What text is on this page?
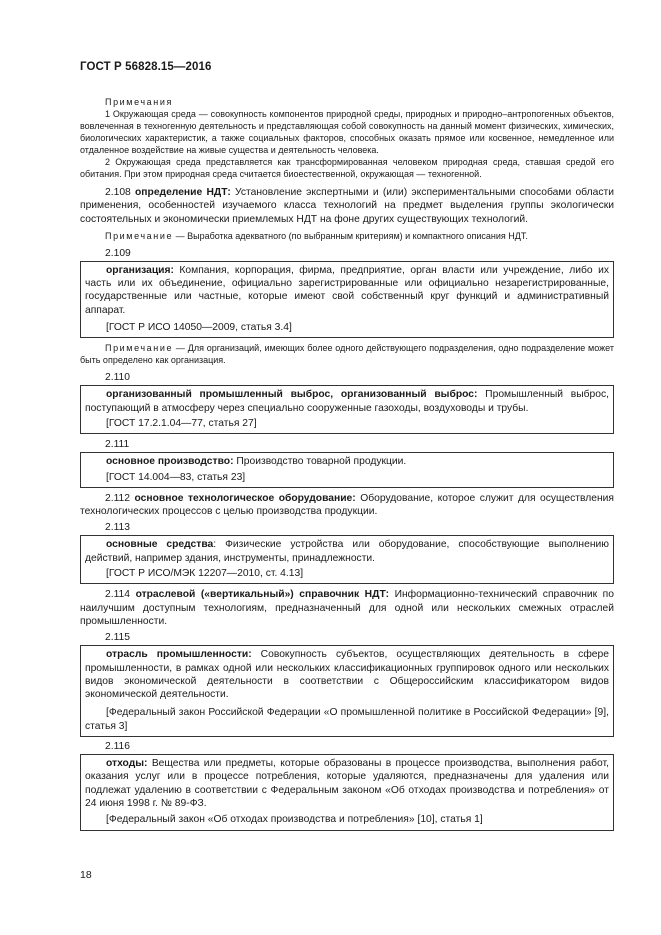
ГОСТ Р 56828.15—2016

Примечания

1 Окружающая среда — совокупность компонентов природной среды, природных и природно–антропогенных объектов, вовлеченная в техногенную деятельность и представляющая собой совокупность на данный момент физических, химических, биологических характеристик, а также социальных факторов, способных оказать прямое или косвенное, немедленное или отдаленное воздействие на живые существа и деятельность человека.

2 Окружающая среда представляется как трансформированная человеком природная среда, ставшая средой его обитания. При этом природная среда считается биоестественной, окружающая — техногенной.

2.108 определение НДТ: Установление экспертными и (или) экспериментальными способами области применения, особенностей изучаемого класса технологий на предмет выделения группы экологически состоятельных и экономически приемлемых НДТ на фоне других существующих технологий.

Примечание — Выработка адекватного (по выбранным критериям) и компактного описания НДТ.

2.109

организация: Компания, корпорация, фирма, предприятие, орган власти или учреждение, либо их часть или их объединение, официально зарегистрированные или официально незарегистрированные, государственные или частные, которые имеют свой собственный круг функций и административный аппарат.

[ГОСТ Р ИСО 14050—2009, статья 3.4]

Примечание — Для организаций, имеющих более одного действующего подразделения, одно подразделение может быть определено как организация.

2.110

организованный промышленный выброс, организованный выброс: Промышленный выброс, поступающий в атмосферу через специально сооруженные газоходы, воздуховоды и трубы.

[ГОСТ 17.2.1.04—77, статья 27]

2.111

основное производство: Производство товарной продукции.

[ГОСТ 14.004—83, статья 23]

2.112 основное технологическое оборудование: Оборудование, которое служит для осуществления технологических процессов с целью производства продукции.

2.113

основные средства: Физические устройства или оборудование, способствующие выполнению действий, например здания, инструменты, принадлежности.

[ГОСТ Р ИСО/МЭК 12207—2010, ст. 4.13]

2.114 отраслевой («вертикальный») справочник НДТ: Информационно-технический справочник по наилучшим доступным технологиям, предназначенный для одной или нескольких смежных отраслей промышленности.

2.115

отрасль промышленности: Совокупность субъектов, осуществляющих деятельность в сфере промышленности, в рамках одной или нескольких классификационных группировок одного или нескольких видов экономической деятельности в соответствии с Общероссийским классификатором видов экономической деятельности.

[Федеральный закон Российской Федерации «О промышленной политике в Российской Федерации» [9], статья 3]

2.116

отходы: Вещества или предметы, которые образованы в процессе производства, выполнения работ, оказания услуг или в процессе потребления, которые удаляются, предназначены для удаления или подлежат удалению в соответствии с Федеральным законом «Об отходах производства и потребления» от 24 июня 1998 г. № 89-ФЗ.

[Федеральный закон «Об отходах производства и потребления» [10], статья 1]

18
